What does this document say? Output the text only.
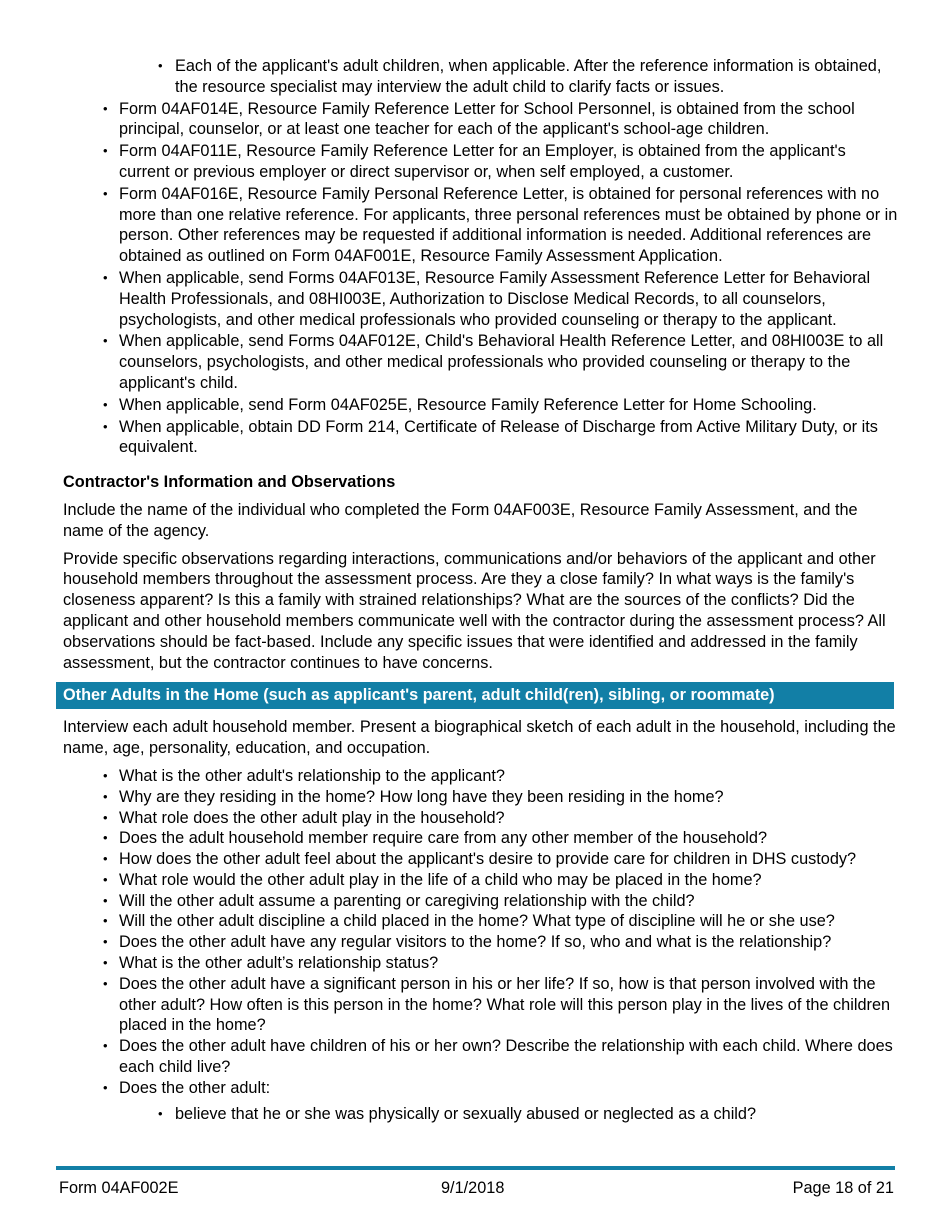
• Each of the applicant's adult children, when applicable. After the reference information is obtained, the resource specialist may interview the adult child to clarify facts or issues.
• Form 04AF014E, Resource Family Reference Letter for School Personnel, is obtained from the school principal, counselor, or at least one teacher for each of the applicant's school-age children.
• Form 04AF011E, Resource Family Reference Letter for an Employer, is obtained from the applicant's current or previous employer or direct supervisor or, when self employed, a customer.
• Form 04AF016E, Resource Family Personal Reference Letter, is obtained for personal references with no more than one relative reference. For applicants, three personal references must be obtained by phone or in person. Other references may be requested if additional information is needed. Additional references are obtained as outlined on Form 04AF001E, Resource Family Assessment Application.
• When applicable, send Forms 04AF013E, Resource Family Assessment Reference Letter for Behavioral Health Professionals, and 08HI003E, Authorization to Disclose Medical Records, to all counselors, psychologists, and other medical professionals who provided counseling or therapy to the applicant.
• When applicable, send Forms 04AF012E, Child's Behavioral Health Reference Letter, and 08HI003E to all counselors, psychologists, and other medical professionals who provided counseling or therapy to the applicant's child.
• When applicable, send Form 04AF025E, Resource Family Reference Letter for Home Schooling.
• When applicable, obtain DD Form 214, Certificate of Release of Discharge from Active Military Duty, or its equivalent.
Contractor's Information and Observations

Include the name of the individual who completed the Form 04AF003E, Resource Family Assessment, and the name of the agency.

Provide specific observations regarding interactions, communications and/or behaviors of the applicant and other household members throughout the assessment process. Are they a close family? In what ways is the family's closeness apparent? Is this a family with strained relationships? What are the sources of the conflicts? Did the applicant and other household members communicate well with the contractor during the assessment process? All observations should be fact-based. Include any specific issues that were identified and addressed in the family assessment, but the contractor continues to have concerns.

Other Adults in the Home (such as applicant's parent, adult child(ren), sibling, or roommate)

Interview each adult household member. Present a biographical sketch of each adult in the household, including the name, age, personality, education, and occupation.

• What is the other adult's relationship to the applicant?
• Why are they residing in the home? How long have they been residing in the home?
• What role does the other adult play in the household?
• Does the adult household member require care from any other member of the household?
• How does the other adult feel about the applicant's desire to provide care for children in DHS custody?
• What role would the other adult play in the life of a child who may be placed in the home?
• Will the other adult assume a parenting or caregiving relationship with the child?
• Will the other adult discipline a child placed in the home? What type of discipline will he or she use?
• Does the other adult have any regular visitors to the home? If so, who and what is the relationship?
• What is the other adult’s relationship status?
• Does the other adult have a significant person in his or her life? If so, how is that person involved with the other adult? How often is this person in the home? What role will this person play in the lives of the children placed in the home?
• Does the other adult have children of his or her own? Describe the relationship with each child. Where does each child live?
• Does the other adult:
• believe that he or she was physically or sexually abused or neglected as a child?
Form 04AF002E	9/1/2018	Page 18 of 21
